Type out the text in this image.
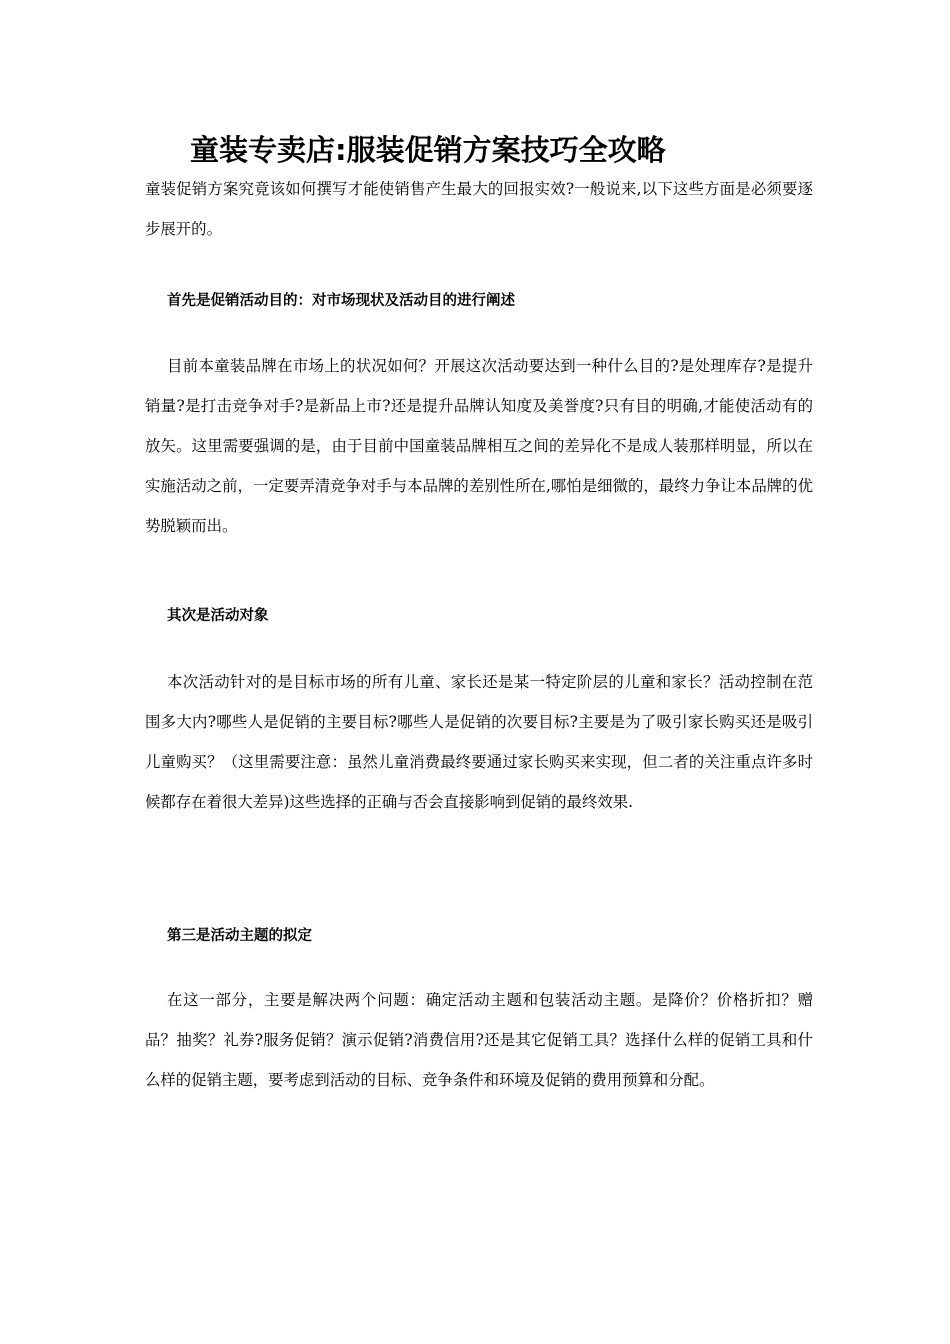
童装专卖店:服装促销方案技巧全攻略

童装促销方案究竟该如何撰写才能使销售产生最大的回报实效?一般说来,以下这些方面是必须要逐步展开的。

首先是促销活动目的：对市场现状及活动目的进行阐述

目前本童装品牌在市场上的状况如何？开展这次活动要达到一种什么目的?是处理库存?是提升销量?是打击竞争对手?是新品上市?还是提升品牌认知度及美誉度?只有目的明确,才能使活动有的放矢。这里需要强调的是，由于目前中国童装品牌相互之间的差异化不是成人装那样明显，所以在实施活动之前，一定要弄清竞争对手与本品牌的差别性所在,哪怕是细微的，最终力争让本品牌的优势脱颖而出。

其次是活动对象

本次活动针对的是目标市场的所有儿童、家长还是某一特定阶层的儿童和家长？活动控制在范围多大内?哪些人是促销的主要目标?哪些人是促销的次要目标?主要是为了吸引家长购买还是吸引儿童购买？（这里需要注意：虽然儿童消费最终要通过家长购买来实现，但二者的关注重点许多时候都存在着很大差异)这些选择的正确与否会直接影响到促销的最终效果.

第三是活动主题的拟定

在这一部分，主要是解决两个问题：确定活动主题和包装活动主题。是降价？价格折扣？赠品？抽奖？礼券?服务促销？演示促销?消费信用?还是其它促销工具？选择什么样的促销工具和什么样的促销主题，要考虑到活动的目标、竞争条件和环境及促销的费用预算和分配。
